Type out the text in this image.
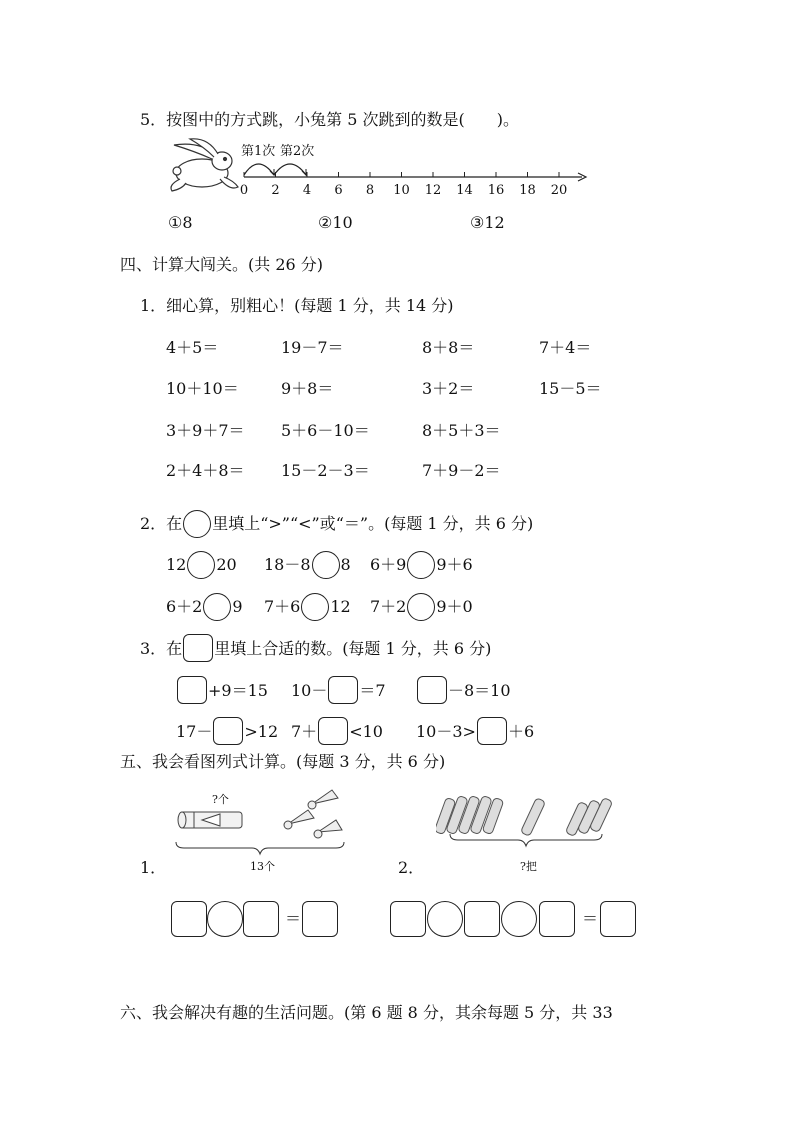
5．按图中的方式跳，小兔第 5 次跳到的数是(　　)。
第1次 第2次
0	2	4	6	8	10 12 14 16 18 20
①8	②10	③12
四、计算大闯关。(共 26 分)
1．细心算，别粗心！(每题 1 分，共 14 分)
4＋5＝	19－7＝	8＋8＝	7＋4＝
10＋10＝	9＋8＝	3＋2＝	15－5＝
3＋9＋7＝ 5＋6－10＝	8＋5＋3＝
2＋4＋8＝ 15－2－3＝	7＋9－2＝
2．在 里填上“>”“<”或“＝”。(每题 1 分，共 6 分)
12 20 18－8 8 6＋9 9＋6
6＋2 9 7＋6 12 7＋2 9＋0
3．在 里填上合适的数。(每题 1 分，共 6 分)
+9＝15 10－ ＝7	－8＝10
17－ >12 7＋ <10 10－3> ＋6
五、我会看图列式计算。(每题 3 分，共 6 分)
?个
13个
1．	?把
2．
＝	＝
六、我会解决有趣的生活问题。(第 6 题 8 分，其余每题 5 分，共 33
